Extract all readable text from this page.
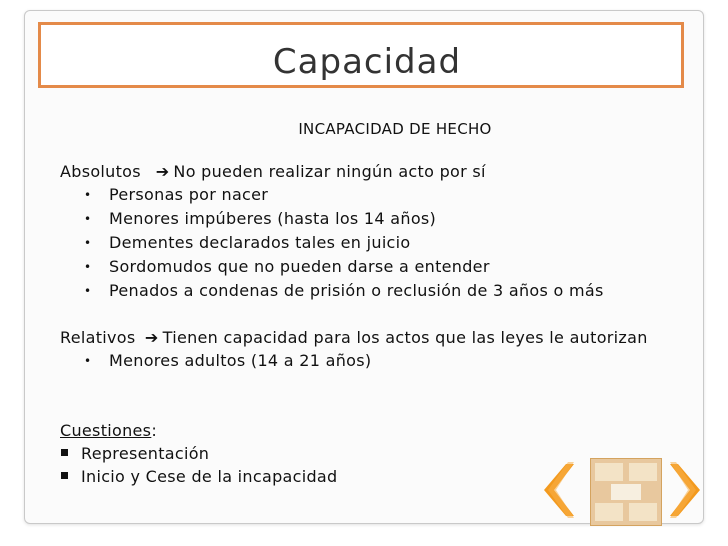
Capacidad
INCAPACIDAD DE HECHO
Absolutos ➔ No pueden realizar ningún acto por sí
• Personas por nacer
• Menores impúberes (hasta los 14 años)
• Dementes declarados tales en juicio
• Sordomudos que no pueden darse a entender
• Penados a condenas de prisión o reclusión de 3 años o más
Relativos ➔ Tienen capacidad para los actos que las leyes le autorizan
• Menores adultos (14 a 21 años)
Cuestiones:
Representación
Inicio y Cese de la incapacidad
